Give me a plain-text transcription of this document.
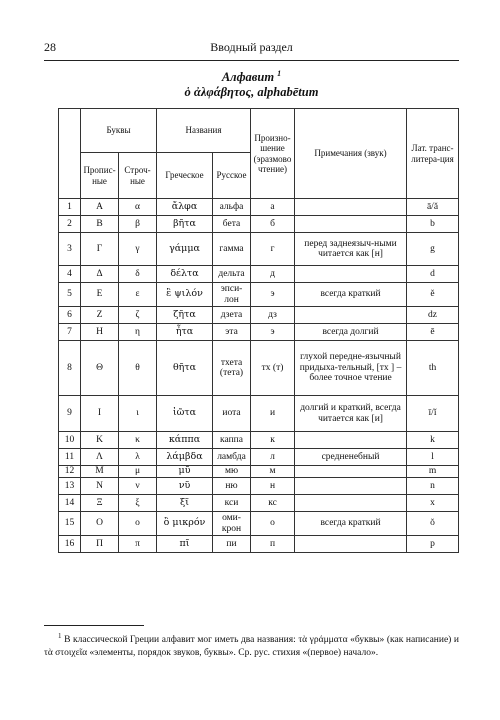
28	Вводный раздел
Алфавит $^1$
ὁ ἀλφάβητος, alphabētum
	Буквы		Названия		Произно-шение (эразмово чтение)	Примечания (звук)	Лат. транс-литера-ция
	Пропис-ные	Строч-ные	Греческое	Русское			
1	Α	α	ἄλφα	альфа	а		ā/ă
2	Β	β	βῆτα	бета	б		b
3	Γ	γ	γάμμα	гамма	г	перед заднеязыч-ными читается как [н]	g
4	Δ	δ	δέλτα	дельта	д		d
5	Ε	ε	ἒ ψιλόν	эпси-лон	э	всегда краткий	ĕ
6	Ζ	ζ	ζῆτα	дзета	дз		dz
7	Η	η	ἦτα	эта	э	всегда долгий	ē
8	Θ	θ	θῆτα	тхета (тета)	тх (т)	глухой передне-язычный придыха-тельный, [тх ] – более точное чтение	th
9	Ι	ι	ἰῶτα	иота	и	долгий и краткий, всегда читается как [и]	ī/ĭ
10	Κ	κ	κάππα	каппа	к		k
11	Λ	λ	λάμβδα	ламбда	л	средненебный	l
12	Μ	μ	μῦ	мю	м		m
13	Ν	ν	νῦ	ню	н		n
14	Ξ	ξ	ξῖ	кси	кс		x
15	Ο	ο	ὂ μικρόν	оми-крон	о	всегда краткий	ŏ
16	Π	π	πῖ	пи	п		p
$^1$ В классической Греции алфавит мог иметь два названия: τὰ γράμματα «буквы» (как написание) и τὰ στοιχεῖα «элементы, порядок звуков, буквы». Ср. рус. стихия «(первое) начало».
